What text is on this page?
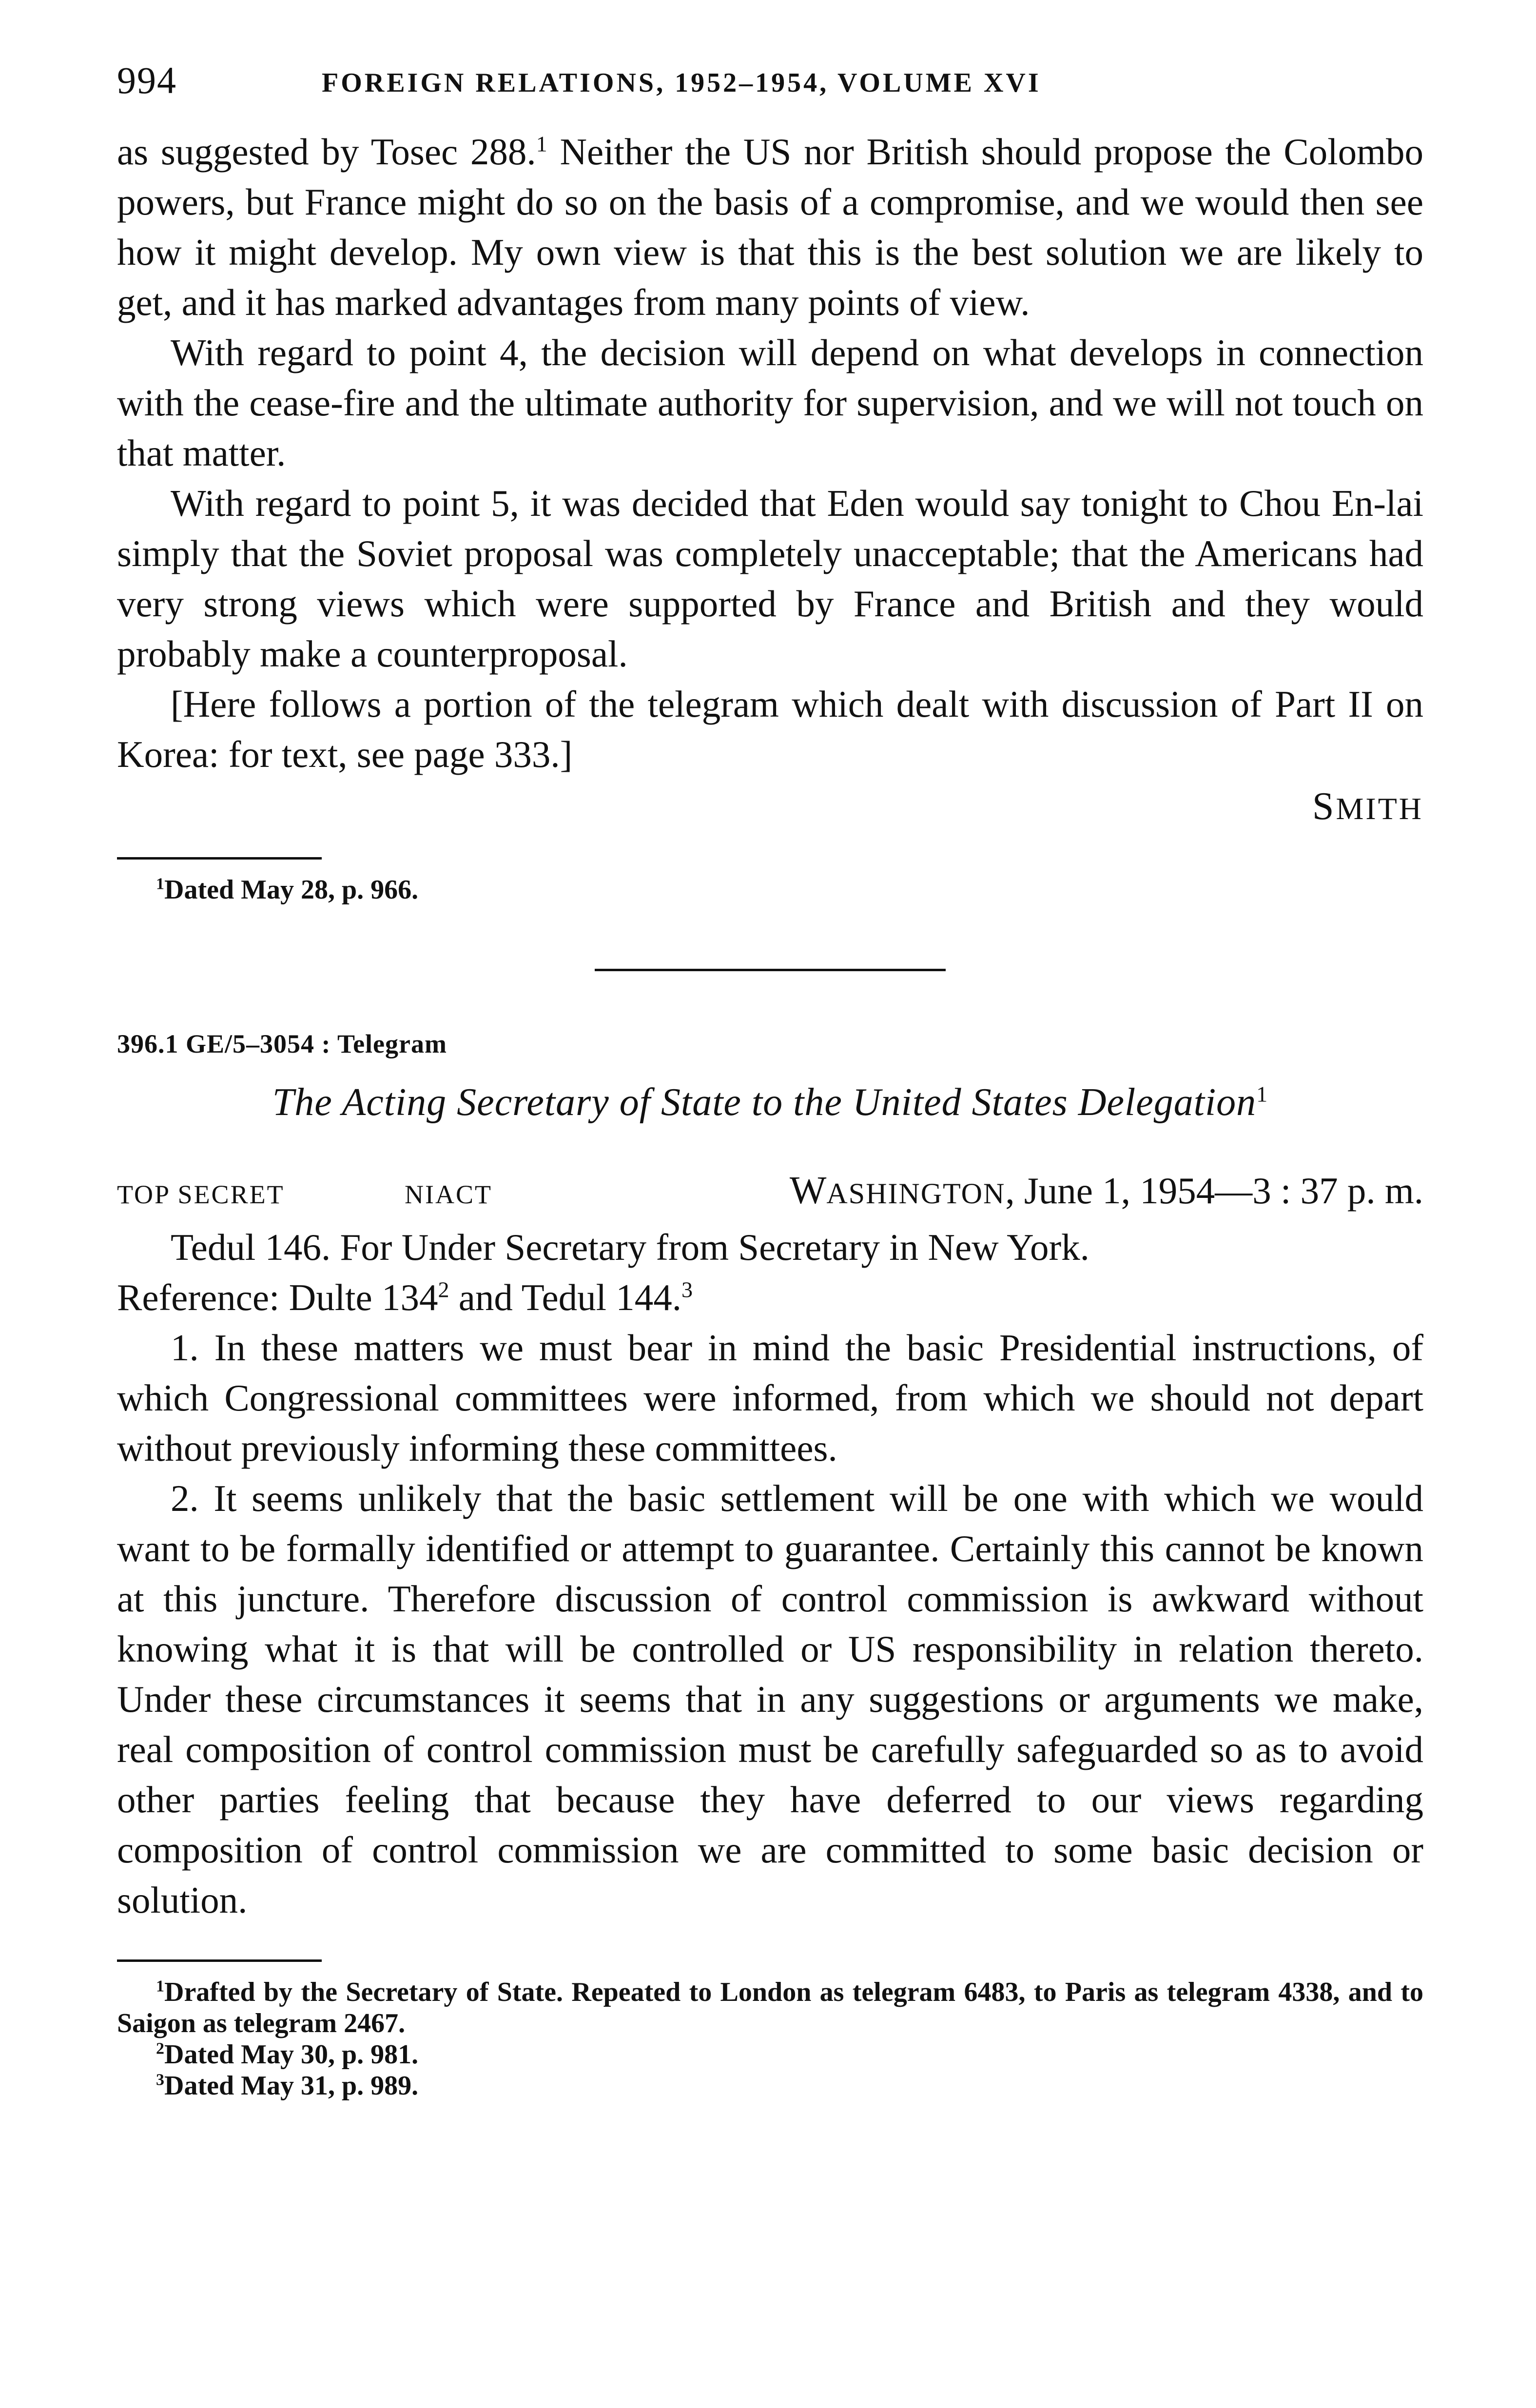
994	FOREIGN RELATIONS, 1952–1954, VOLUME XVI

as suggested by Tosec 288.$^1$ Neither the US nor British should propose the Colombo powers, but France might do so on the basis of a compromise, and we would then see how it might develop. My own view is that this is the best solution we are likely to get, and it has marked advantages from many points of view.

With regard to point 4, the decision will depend on what develops in connection with the cease-fire and the ultimate authority for supervision, and we will not touch on that matter.

With regard to point 5, it was decided that Eden would say tonight to Chou En-lai simply that the Soviet proposal was completely unacceptable; that the Americans had very strong views which were supported by France and British and they would probably make a counterproposal.

[Here follows a portion of the telegram which dealt with discussion of Part II on Korea: for text, see page 333.]

SMITH

$^1$Dated May 28, p. 966.

396.1 GE/5–3054 : Telegram
The Acting Secretary of State to the United States Delegation$^1$
TOP SECRET	NIACT	WASHINGTON, June 1, 1954—3 : 37 p. m.

Tedul 146. For Under Secretary from Secretary in New York.

Reference: Dulte 134$^2$ and Tedul 144.$^3$

1. In these matters we must bear in mind the basic Presidential instructions, of which Congressional committees were informed, from which we should not depart without previously informing these committees.

2. It seems unlikely that the basic settlement will be one with which we would want to be formally identified or attempt to guarantee. Certainly this cannot be known at this juncture. Therefore discussion of control commission is awkward without knowing what it is that will be controlled or US responsibility in relation thereto. Under these circumstances it seems that in any suggestions or arguments we make, real composition of control commission must be carefully safeguarded so as to avoid other parties feeling that because they have deferred to our views regarding composition of control commission we are committed to some basic decision or solution.

$^1$Drafted by the Secretary of State. Repeated to London as telegram 6483, to Paris as telegram 4338, and to Saigon as telegram 2467.

$^2$Dated May 30, p. 981.

$^3$Dated May 31, p. 989.
